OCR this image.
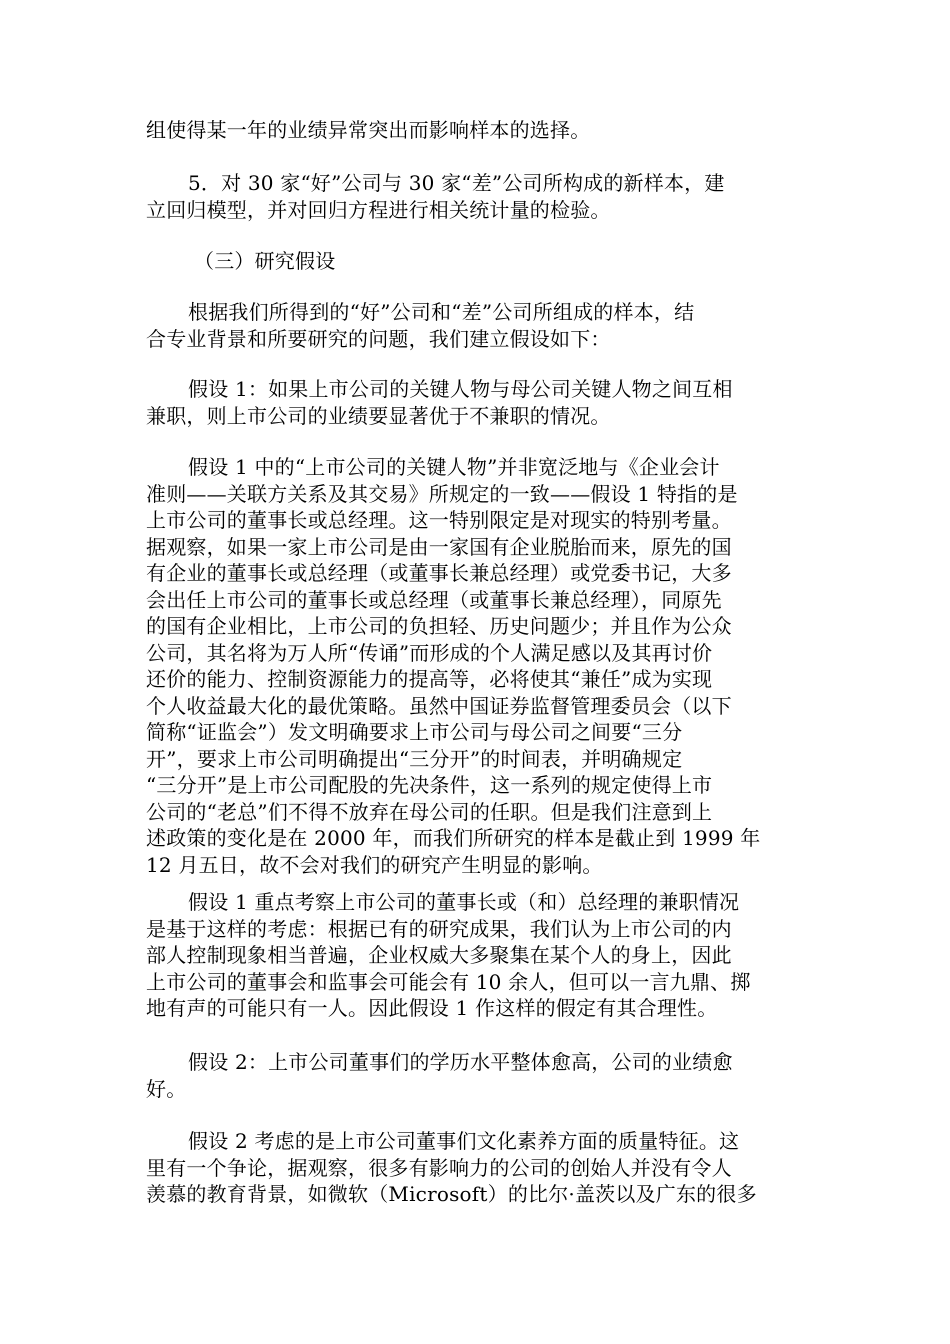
组使得某一年的业绩异常突出而影响样本的选择。
5．对 30 家“好”公司与 30 家“差”公司所构成的新样本，建
立回归模型，并对回归方程进行相关统计量的检验。
（三）研究假设
根据我们所得到的“好”公司和“差”公司所组成的样本，结
合专业背景和所要研究的问题，我们建立假设如下：
假设 1：如果上市公司的关键人物与母公司关键人物之间互相
兼职，则上市公司的业绩要显著优于不兼职的情况。
假设 1 中的“上市公司的关键人物”并非宽泛地与《企业会计
准则——关联方关系及其交易》所规定的一致——假设 1 特指的是
上市公司的董事长或总经理。这一特别限定是对现实的特别考量。
据观察，如果一家上市公司是由一家国有企业脱胎而来，原先的国
有企业的董事长或总经理（或董事长兼总经理）或党委书记，大多
会出任上市公司的董事长或总经理（或董事长兼总经理），同原先
的国有企业相比，上市公司的负担轻、历史问题少；并且作为公众
公司，其名将为万人所“传诵”而形成的个人满足感以及其再讨价
还价的能力、控制资源能力的提高等，必将使其“兼任”成为实现
个人收益最大化的最优策略。虽然中国证券监督管理委员会（以下
简称“证监会”）发文明确要求上市公司与母公司之间要“三分
开”，要求上市公司明确提出“三分开”的时间表，并明确规定
“三分开”是上市公司配股的先决条件，这一系列的规定使得上市
公司的“老总”们不得不放弃在母公司的任职。但是我们注意到上
述政策的变化是在 2000 年，而我们所研究的样本是截止到 1999 年
12 月五日，故不会对我们的研究产生明显的影响。
假设 1 重点考察上市公司的董事长或（和）总经理的兼职情况
是基于这样的考虑：根据已有的研究成果，我们认为上市公司的内
部人控制现象相当普遍，企业权威大多聚集在某个人的身上，因此
上市公司的董事会和监事会可能会有 10 余人，但可以一言九鼎、掷
地有声的可能只有一人。因此假设 1 作这样的假定有其合理性。
假设 2：上市公司董事们的学历水平整体愈高，公司的业绩愈
好。
假设 2 考虑的是上市公司董事们文化素养方面的质量特征。这
里有一个争论，据观察，很多有影响力的公司的创始人并没有令人
羡慕的教育背景，如微软（Microsoft）的比尔·盖茨以及广东的很多
